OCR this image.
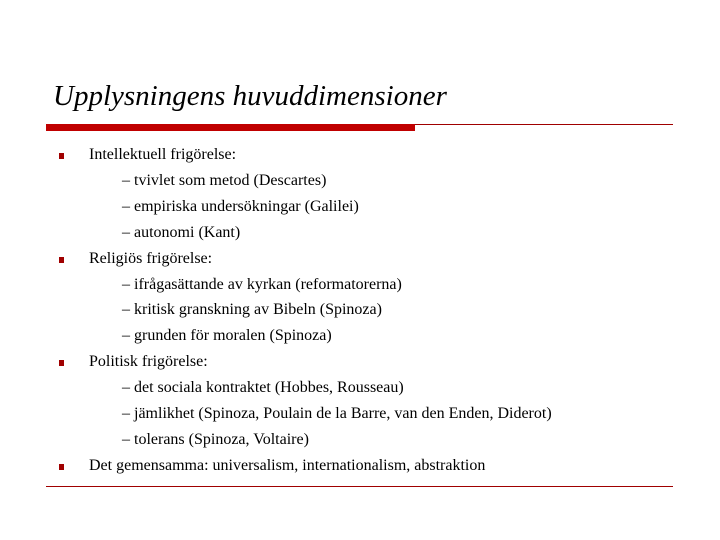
Upplysningens huvuddimensioner
Intellektuell frigörelse:
– tvivlet som metod (Descartes)
– empiriska undersökningar (Galilei)
– autonomi (Kant)
Religiös frigörelse:
– ifrågasättande av kyrkan (reformatorerna)
– kritisk granskning av Bibeln (Spinoza)
– grunden för moralen (Spinoza)
Politisk frigörelse:
– det sociala kontraktet (Hobbes, Rousseau)
– jämlikhet (Spinoza, Poulain de la Barre, van den Enden, Diderot)
– tolerans (Spinoza, Voltaire)
Det gemensamma: universalism, internationalism, abstraktion
